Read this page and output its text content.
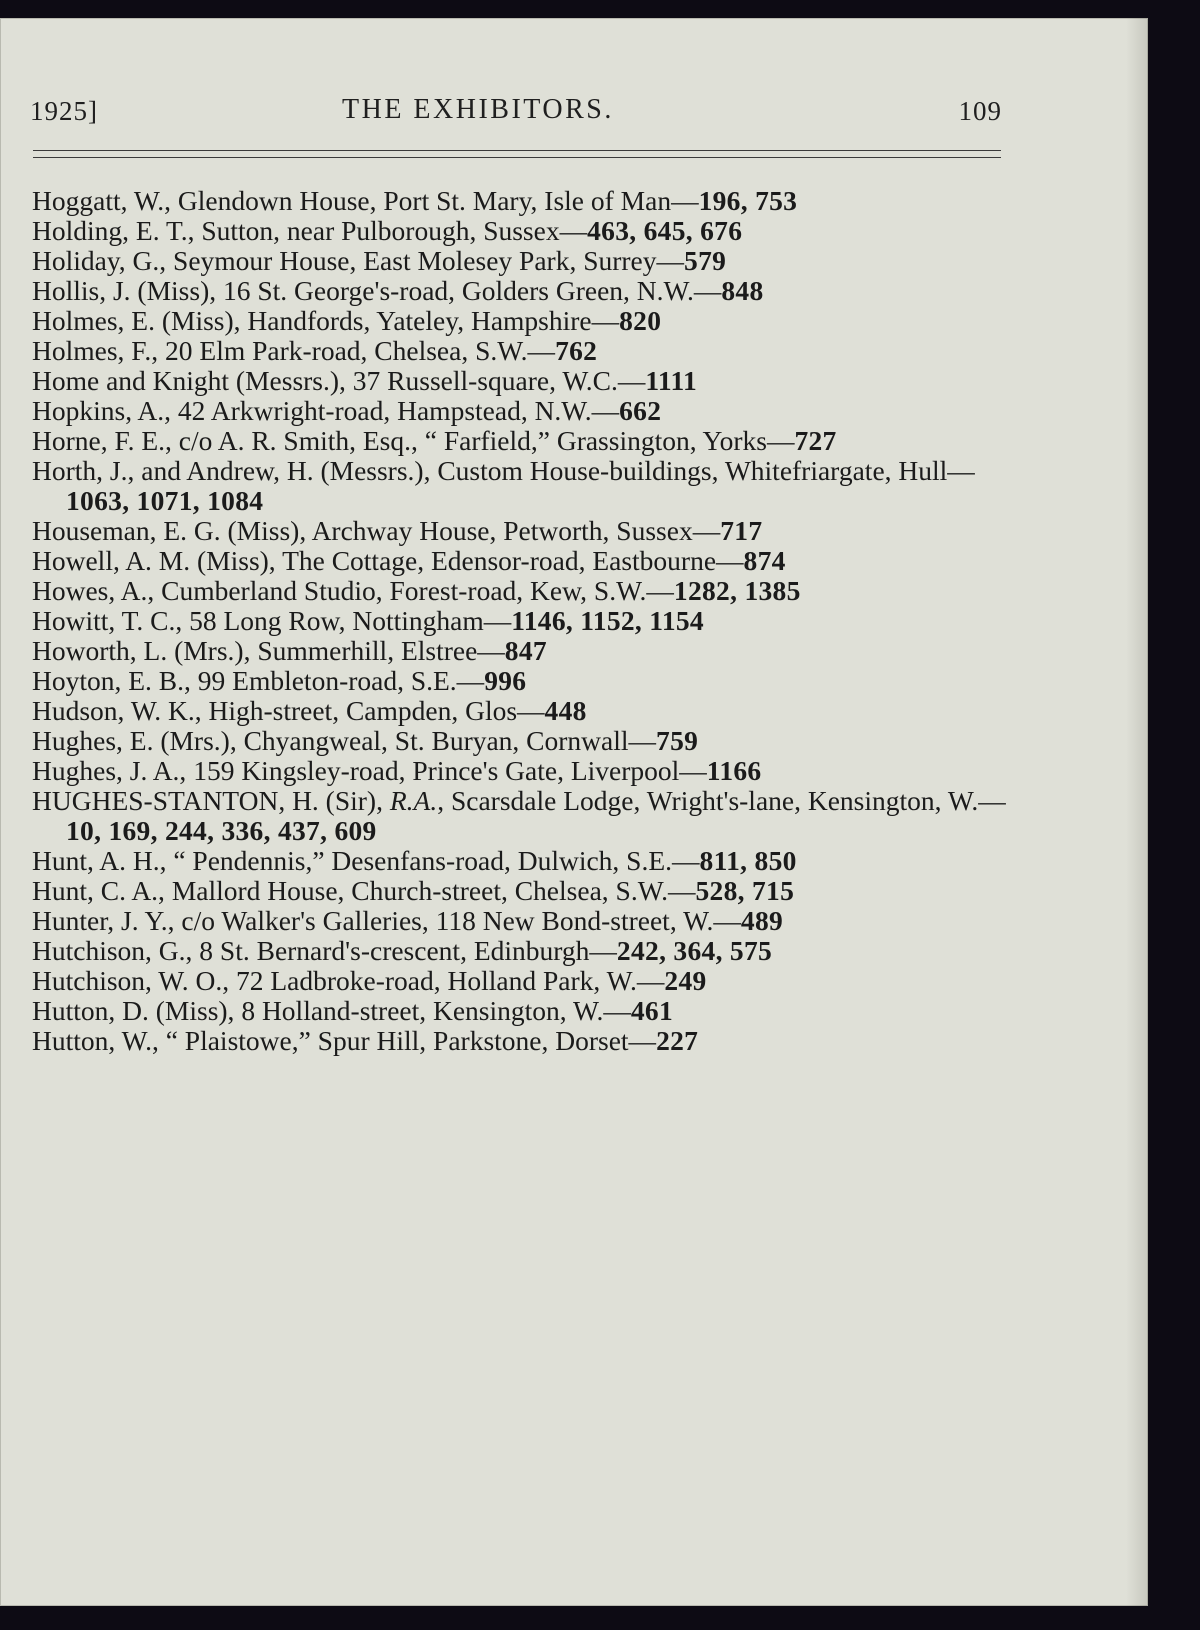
1925]	THE EXHIBITORS.	109
Hoggatt, W., Glendown House, Port St. Mary, Isle of Man—196, 753
Holding, E. T., Sutton, near Pulborough, Sussex—463, 645, 676
Holiday, G., Seymour House, East Molesey Park, Surrey—579
Hollis, J. (Miss), 16 St. George's-road, Golders Green, N.W.—848
Holmes, E. (Miss), Handfords, Yateley, Hampshire—820
Holmes, F., 20 Elm Park-road, Chelsea, S.W.—762
Home and Knight (Messrs.), 37 Russell-square, W.C.—1111
Hopkins, A., 42 Arkwright-road, Hampstead, N.W.—662
Horne, F. E., c/o A. R. Smith, Esq., “ Farfield,” Grassington, Yorks—727
Horth, J., and Andrew, H. (Messrs.), Custom House-buildings, Whitefriargate, Hull—1063, 1071, 1084
Houseman, E. G. (Miss), Archway House, Petworth, Sussex—717
Howell, A. M. (Miss), The Cottage, Edensor-road, Eastbourne—874
Howes, A., Cumberland Studio, Forest-road, Kew, S.W.—1282, 1385
Howitt, T. C., 58 Long Row, Nottingham—1146, 1152, 1154
Howorth, L. (Mrs.), Summerhill, Elstree—847
Hoyton, E. B., 99 Embleton-road, S.E.—996
Hudson, W. K., High-street, Campden, Glos—448
Hughes, E. (Mrs.), Chyangweal, St. Buryan, Cornwall—759
Hughes, J. A., 159 Kingsley-road, Prince's Gate, Liverpool—1166
HUGHES-STANTON, H. (Sir), R.A., Scarsdale Lodge, Wright's-lane, Kensington, W.—10, 169, 244, 336, 437, 609
Hunt, A. H., “ Pendennis,” Desenfans-road, Dulwich, S.E.—811, 850
Hunt, C. A., Mallord House, Church-street, Chelsea, S.W.—528, 715
Hunter, J. Y., c/o Walker's Galleries, 118 New Bond-street, W.—489
Hutchison, G., 8 St. Bernard's-crescent, Edinburgh—242, 364, 575
Hutchison, W. O., 72 Ladbroke-road, Holland Park, W.—249
Hutton, D. (Miss), 8 Holland-street, Kensington, W.—461
Hutton, W., “ Plaistowe,” Spur Hill, Parkstone, Dorset—227
